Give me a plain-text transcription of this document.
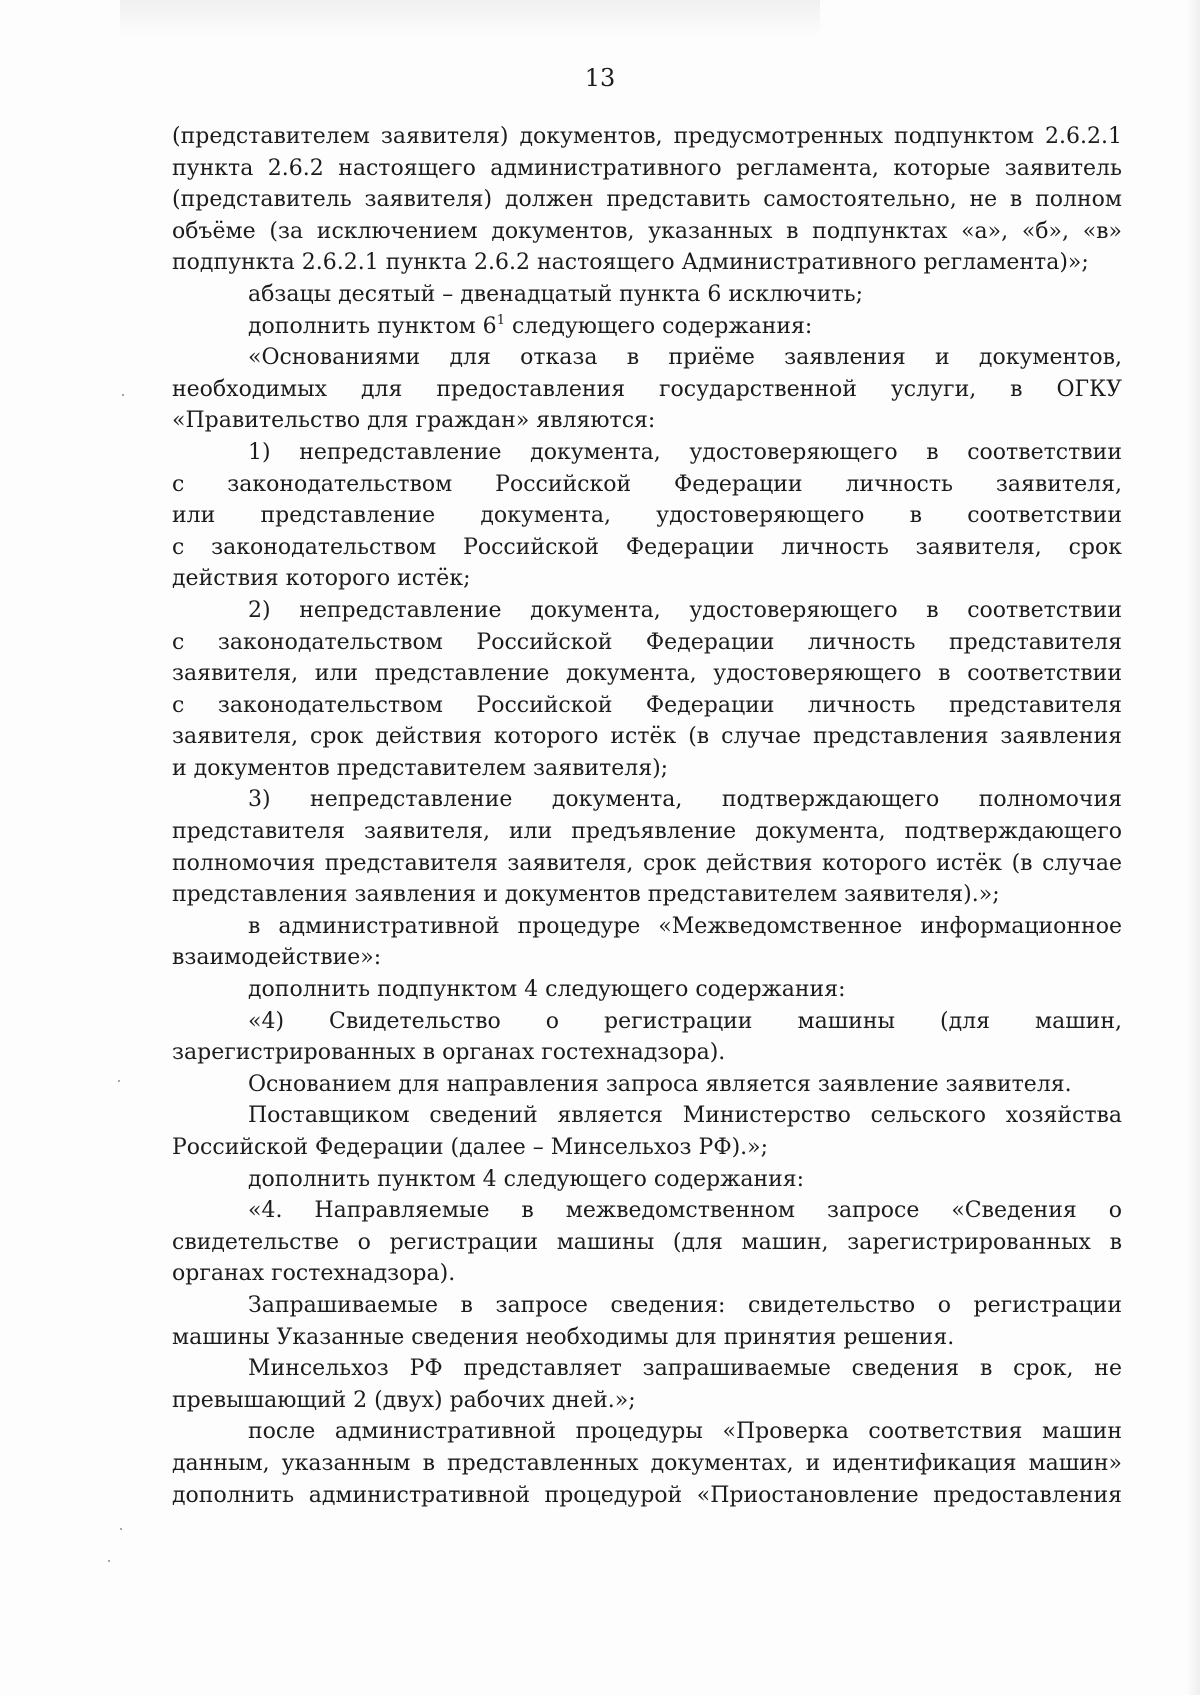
13
(представителем заявителя) документов, предусмотренных подпунктом 2.6.2.1
пункта 2.6.2 настоящего административного регламента, которые заявитель
(представитель заявителя) должен представить самостоятельно, не в полном
объёме (за исключением документов, указанных в подпунктах «а», «б», «в»
подпункта 2.6.2.1 пункта 2.6.2 настоящего Административного регламента)»;
абзацы десятый – двенадцатый пункта 6 исключить;
дополнить пунктом $6^1$ следующего содержания:
«Основаниями для отказа в приёме заявления и документов,
необходимых для предоставления государственной услуги, в ОГКУ
«Правительство для граждан» являются:
1) непредставление документа, удостоверяющего в соответствии
с законодательством Российской Федерации личность заявителя,
или представление документа, удостоверяющего в соответствии
с законодательством Российской Федерации личность заявителя, срок
действия которого истёк;
2) непредставление документа, удостоверяющего в соответствии
с законодательством Российской Федерации личность представителя
заявителя, или представление документа, удостоверяющего в соответствии
с законодательством Российской Федерации личность представителя
заявителя, срок действия которого истёк (в случае представления заявления
и документов представителем заявителя);
3) непредставление документа, подтверждающего полномочия
представителя заявителя, или предъявление документа, подтверждающего
полномочия представителя заявителя, срок действия которого истёк (в случае
представления заявления и документов представителем заявителя).»;
в административной процедуре «Межведомственное информационное
взаимодействие»:
дополнить подпунктом 4 следующего содержания:
«4) Свидетельство о регистрации машины (для машин,
зарегистрированных в органах гостехнадзора).
Основанием для направления запроса является заявление заявителя.
Поставщиком сведений является Министерство сельского хозяйства
Российской Федерации (далее – Минсельхоз РФ).»;
дополнить пунктом 4 следующего содержания:
«4. Направляемые в межведомственном запросе «Сведения о
свидетельстве о регистрации машины (для машин, зарегистрированных в
органах гостехнадзора).
Запрашиваемые в запросе сведения: свидетельство о регистрации
машины Указанные сведения необходимы для принятия решения.
Минсельхоз РФ представляет запрашиваемые сведения в срок, не
превышающий 2 (двух) рабочих дней.»;
после административной процедуры «Проверка соответствия машин
данным, указанным в представленных документах, и идентификация машин»
дополнить административной процедурой «Приостановление предоставления
